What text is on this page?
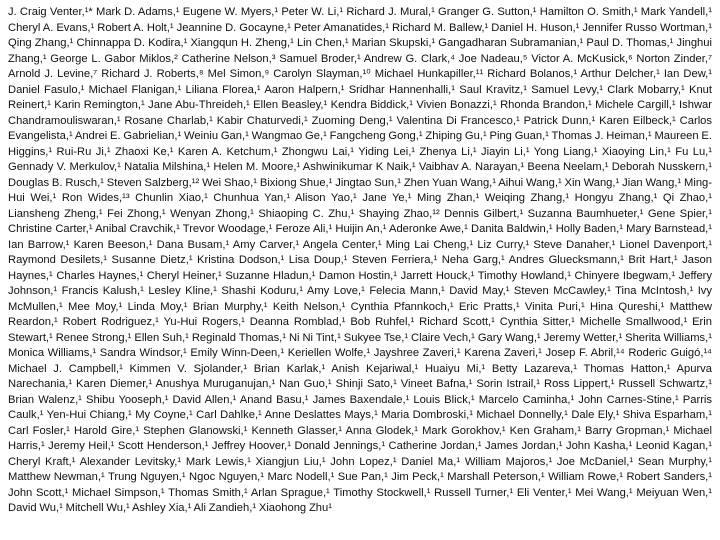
J. Craig Venter,¹* Mark D. Adams,¹ Eugene W. Myers,¹ Peter W. Li,¹ Richard J. Mural,¹ Granger G. Sutton,¹ Hamilton O. Smith,¹ Mark Yandell,¹ Cheryl A. Evans,¹ Robert A. Holt,¹ Jeannine D. Gocayne,¹ Peter Amanatides,¹ Richard M. Ballew,¹ Daniel H. Huson,¹ Jennifer Russo Wortman,¹ Qing Zhang,¹ Chinnappa D. Kodira,¹ Xiangqun H. Zheng,¹ Lin Chen,¹ Marian Skupski,¹ Gangadharan Subramanian,¹ Paul D. Thomas,¹ Jinghui Zhang,¹ George L. Gabor Miklos,² Catherine Nelson,³ Samuel Broder,¹ Andrew G. Clark,⁴ Joe Nadeau,⁵ Victor A. McKusick,⁶ Norton Zinder,⁷ Arnold J. Levine,⁷ Richard J. Roberts,⁸ Mel Simon,⁹ Carolyn Slayman,¹⁰ Michael Hunkapiller,¹¹ Richard Bolanos,¹ Arthur Delcher,¹ Ian Dew,¹ Daniel Fasulo,¹ Michael Flanigan,¹ Liliana Florea,¹ Aaron Halpern,¹ Sridhar Hannenhalli,¹ Saul Kravitz,¹ Samuel Levy,¹ Clark Mobarry,¹ Knut Reinert,¹ Karin Remington,¹ Jane Abu-Threideh,¹ Ellen Beasley,¹ Kendra Biddick,¹ Vivien Bonazzi,¹ Rhonda Brandon,¹ Michele Cargill,¹ Ishwar Chandramouliswaran,¹ Rosane Charlab,¹ Kabir Chaturvedi,¹ Zuoming Deng,¹ Valentina Di Francesco,¹ Patrick Dunn,¹ Karen Eilbeck,¹ Carlos Evangelista,¹ Andrei E. Gabrielian,¹ Weiniu Gan,¹ Wangmao Ge,¹ Fangcheng Gong,¹ Zhiping Gu,¹ Ping Guan,¹ Thomas J. Heiman,¹ Maureen E. Higgins,¹ Rui-Ru Ji,¹ Zhaoxi Ke,¹ Karen A. Ketchum,¹ Zhongwu Lai,¹ Yiding Lei,¹ Zhenya Li,¹ Jiayin Li,¹ Yong Liang,¹ Xiaoying Lin,¹ Fu Lu,¹ Gennady V. Merkulov,¹ Natalia Milshina,¹ Helen M. Moore,¹ Ashwinikumar K Naik,¹ Vaibhav A. Narayan,¹ Beena Neelam,¹ Deborah Nusskern,¹ Douglas B. Rusch,¹ Steven Salzberg,¹² Wei Shao,¹ Bixiong Shue,¹ Jingtao Sun,¹ Zhen Yuan Wang,¹ Aihui Wang,¹ Xin Wang,¹ Jian Wang,¹ Ming-Hui Wei,¹ Ron Wides,¹³ Chunlin Xiao,¹ Chunhua Yan,¹ Alison Yao,¹ Jane Ye,¹ Ming Zhan,¹ Weiqing Zhang,¹ Hongyu Zhang,¹ Qi Zhao,¹ Liansheng Zheng,¹ Fei Zhong,¹ Wenyan Zhong,¹ Shiaoping C. Zhu,¹ Shaying Zhao,¹² Dennis Gilbert,¹ Suzanna Baumhueter,¹ Gene Spier,¹ Christine Carter,¹ Anibal Cravchik,¹ Trevor Woodage,¹ Feroze Ali,¹ Huijin An,¹ Aderonke Awe,¹ Danita Baldwin,¹ Holly Baden,¹ Mary Barnstead,¹ Ian Barrow,¹ Karen Beeson,¹ Dana Busam,¹ Amy Carver,¹ Angela Center,¹ Ming Lai Cheng,¹ Liz Curry,¹ Steve Danaher,¹ Lionel Davenport,¹ Raymond Desilets,¹ Susanne Dietz,¹ Kristina Dodson,¹ Lisa Doup,¹ Steven Ferriera,¹ Neha Garg,¹ Andres Gluecksmann,¹ Brit Hart,¹ Jason Haynes,¹ Charles Haynes,¹ Cheryl Heiner,¹ Suzanne Hladun,¹ Damon Hostin,¹ Jarrett Houck,¹ Timothy Howland,¹ Chinyere Ibegwam,¹ Jeffery Johnson,¹ Francis Kalush,¹ Lesley Kline,¹ Shashi Koduru,¹ Amy Love,¹ Felecia Mann,¹ David May,¹ Steven McCawley,¹ Tina McIntosh,¹ Ivy McMullen,¹ Mee Moy,¹ Linda Moy,¹ Brian Murphy,¹ Keith Nelson,¹ Cynthia Pfannkoch,¹ Eric Pratts,¹ Vinita Puri,¹ Hina Qureshi,¹ Matthew Reardon,¹ Robert Rodriguez,¹ Yu-Hui Rogers,¹ Deanna Romblad,¹ Bob Ruhfel,¹ Richard Scott,¹ Cynthia Sitter,¹ Michelle Smallwood,¹ Erin Stewart,¹ Renee Strong,¹ Ellen Suh,¹ Reginald Thomas,¹ Ni Ni Tint,¹ Sukyee Tse,¹ Claire Vech,¹ Gary Wang,¹ Jeremy Wetter,¹ Sherita Williams,¹ Monica Williams,¹ Sandra Windsor,¹ Emily Winn-Deen,¹ Keriellen Wolfe,¹ Jayshree Zaveri,¹ Karena Zaveri,¹ Josep F. Abril,¹⁴ Roderic Guigó,¹⁴ Michael J. Campbell,¹ Kimmen V. Sjolander,¹ Brian Karlak,¹ Anish Kejariwal,¹ Huaiyu Mi,¹ Betty Lazareva,¹ Thomas Hatton,¹ Apurva Narechania,¹ Karen Diemer,¹ Anushya Muruganujan,¹ Nan Guo,¹ Shinji Sato,¹ Vineet Bafna,¹ Sorin Istrail,¹ Ross Lippert,¹ Russell Schwartz,¹ Brian Walenz,¹ Shibu Yooseph,¹ David Allen,¹ Anand Basu,¹ James Baxendale,¹ Louis Blick,¹ Marcelo Caminha,¹ John Carnes-Stine,¹ Parris Caulk,¹ Yen-Hui Chiang,¹ My Coyne,¹ Carl Dahlke,¹ Anne Deslattes Mays,¹ Maria Dombroski,¹ Michael Donnelly,¹ Dale Ely,¹ Shiva Esparham,¹ Carl Fosler,¹ Harold Gire,¹ Stephen Glanowski,¹ Kenneth Glasser,¹ Anna Glodek,¹ Mark Gorokhov,¹ Ken Graham,¹ Barry Gropman,¹ Michael Harris,¹ Jeremy Heil,¹ Scott Henderson,¹ Jeffrey Hoover,¹ Donald Jennings,¹ Catherine Jordan,¹ James Jordan,¹ John Kasha,¹ Leonid Kagan,¹ Cheryl Kraft,¹ Alexander Levitsky,¹ Mark Lewis,¹ Xiangjun Liu,¹ John Lopez,¹ Daniel Ma,¹ William Majoros,¹ Joe McDaniel,¹ Sean Murphy,¹ Matthew Newman,¹ Trung Nguyen,¹ Ngoc Nguyen,¹ Marc Nodell,¹ Sue Pan,¹ Jim Peck,¹ Marshall Peterson,¹ William Rowe,¹ Robert Sanders,¹ John Scott,¹ Michael Simpson,¹ Thomas Smith,¹ Arlan Sprague,¹ Timothy Stockwell,¹ Russell Turner,¹ Eli Venter,¹ Mei Wang,¹ Meiyuan Wen,¹ David Wu,¹ Mitchell Wu,¹ Ashley Xia,¹ Ali Zandieh,¹ Xiaohong Zhu¹
